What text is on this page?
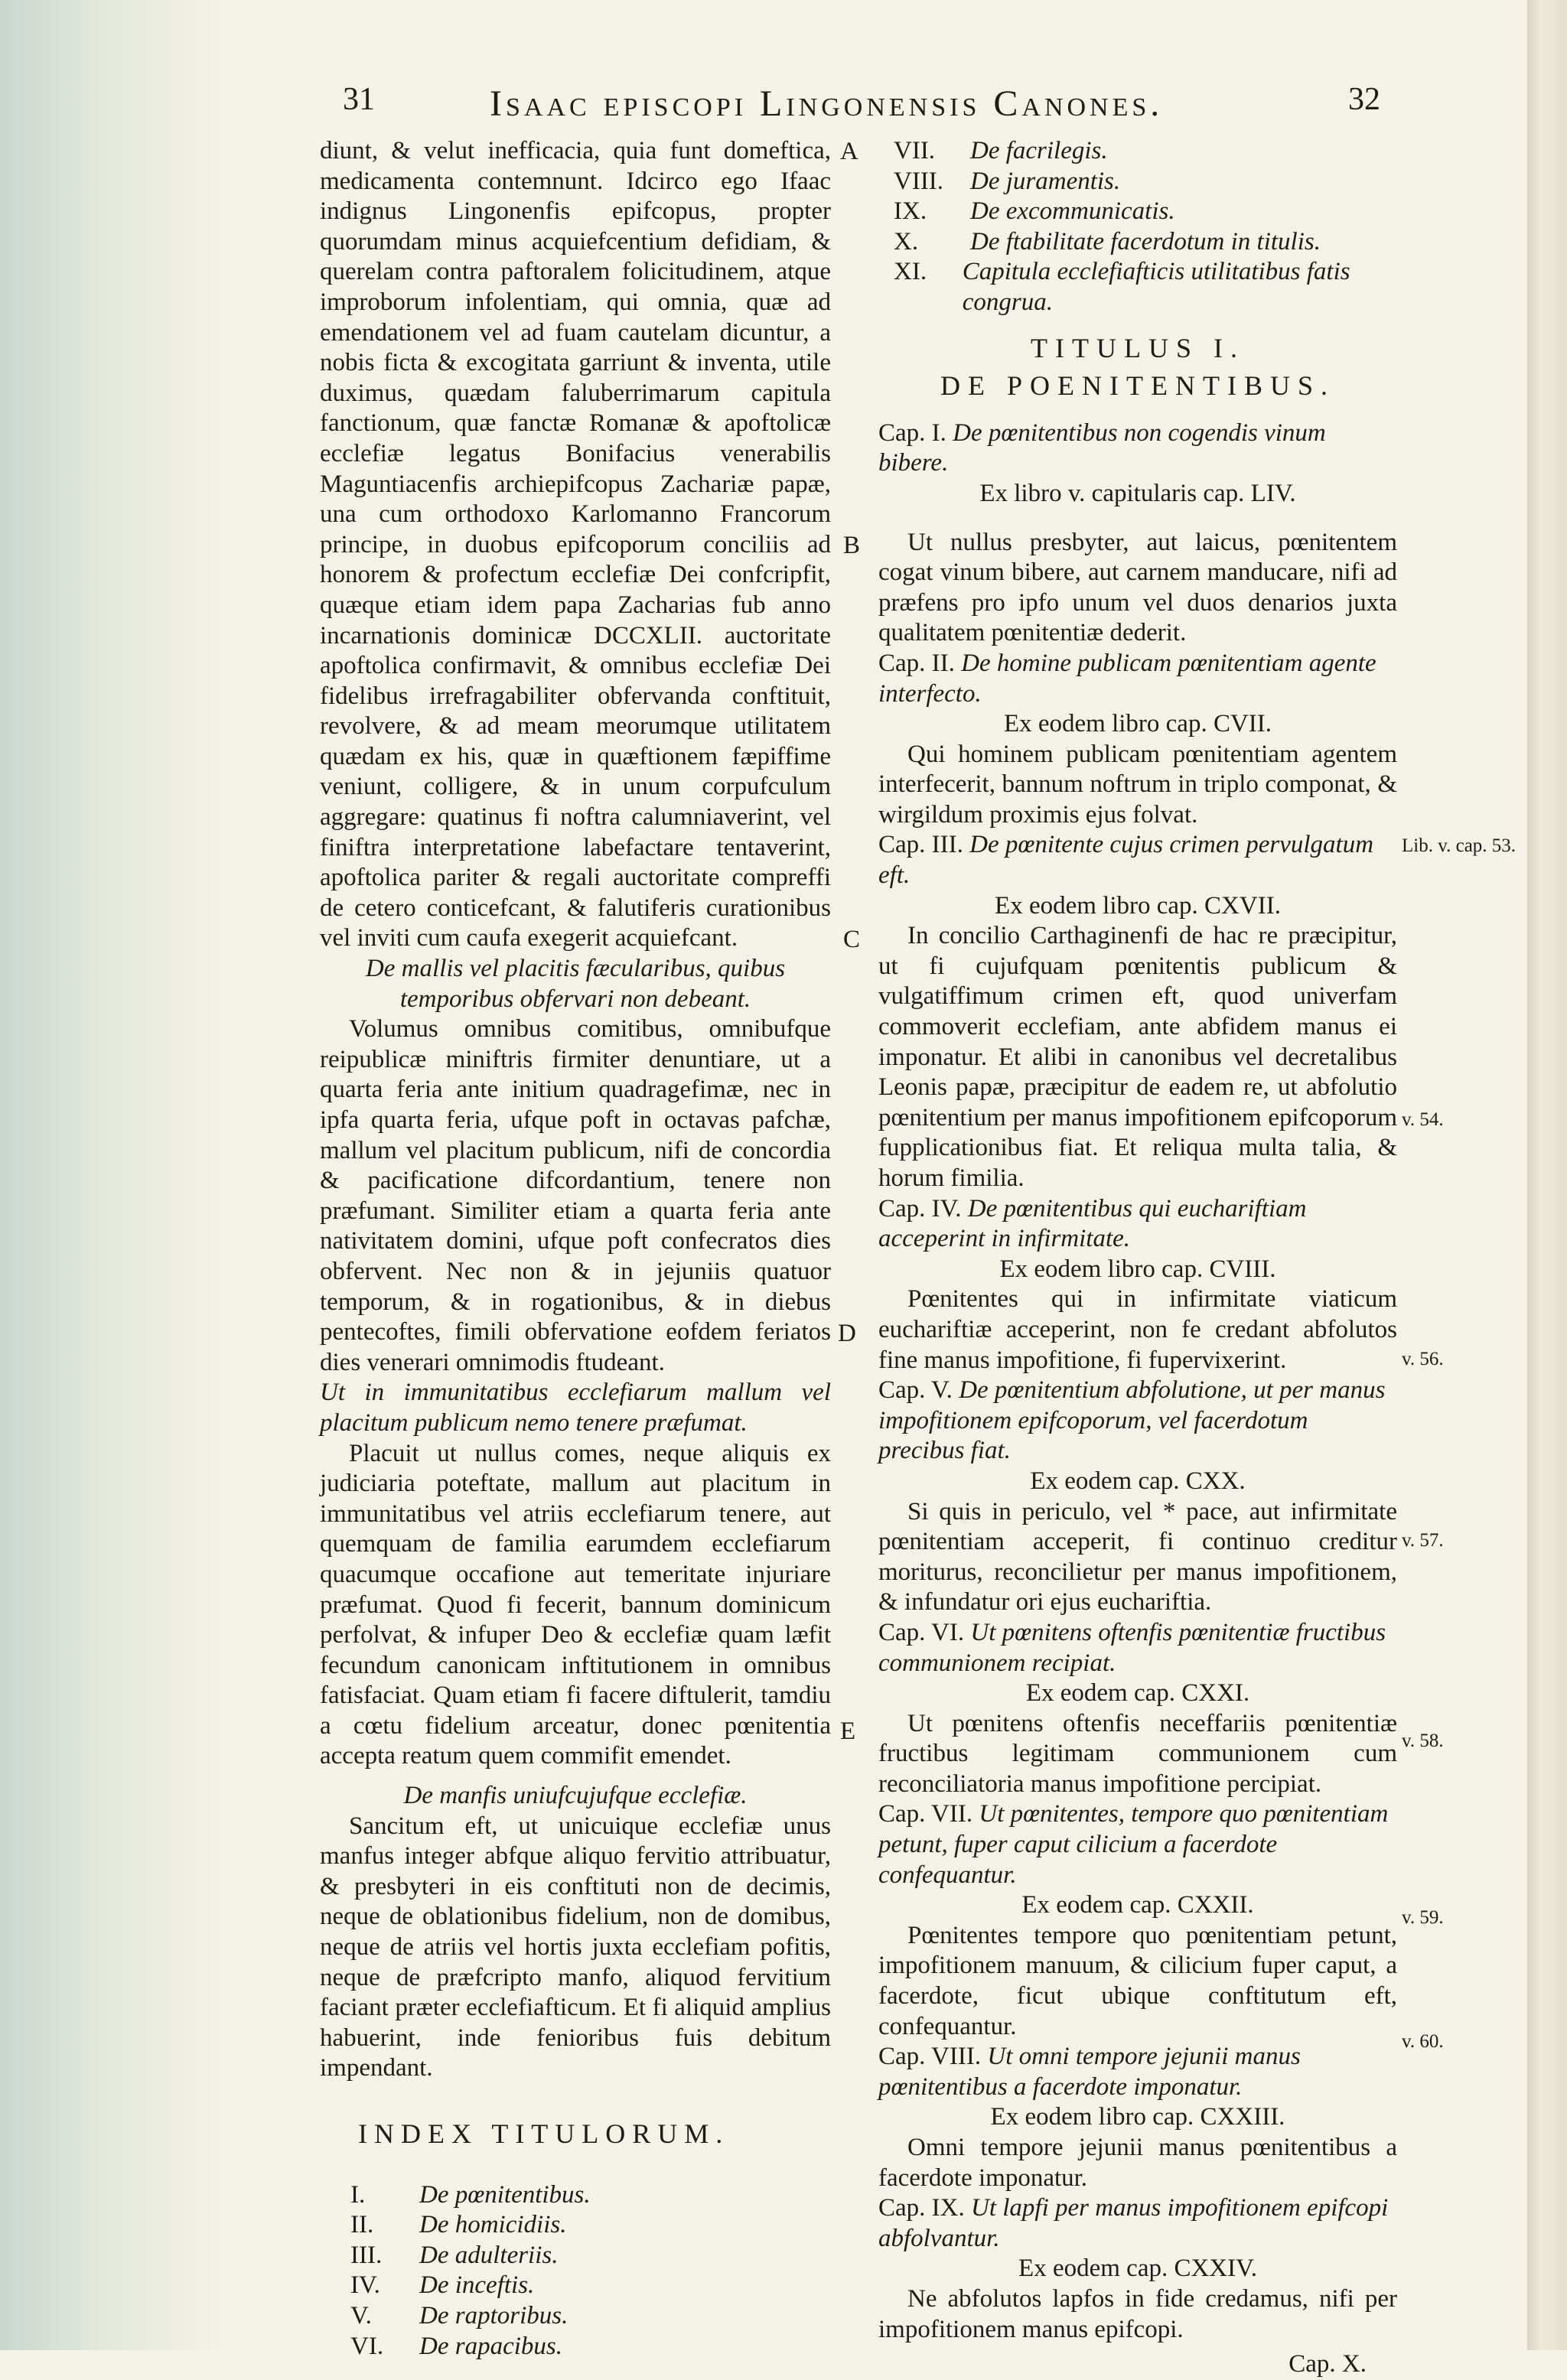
31	Isaac episcopi Lingonensis Canones.	32
A
B
C
D
E

diunt, & velut inefficacia, quia funt domeftica, medicamenta contemnunt. Idcirco ego Ifaac indignus Lingonenfis epifcopus, propter quorumdam minus acquiefcentium defidiam, & querelam contra paftoralem folicitudinem, atque improborum infolentiam, qui omnia, quæ ad emendationem vel ad fuam cautelam dicuntur, a nobis ficta & excogitata garriunt & inventa, utile duximus, quædam faluberrimarum capitula fanctionum, quæ fanctæ Romanæ & apoftolicæ ecclefiæ legatus Bonifacius venerabilis Maguntiacenfis archiepifcopus Zachariæ papæ, una cum orthodoxo Karlomanno Francorum principe, in duobus epifcoporum conciliis ad honorem & profectum ecclefiæ Dei confcripfit, quæque etiam idem papa Zacharias fub anno incarnationis dominicæ DCCXLII. auctoritate apoftolica confirmavit, & omnibus ecclefiæ Dei fidelibus irrefragabiliter obfervanda conftituit, revolvere, & ad meam meorumque utilitatem quædam ex his, quæ in quæftionem fæpiffime veniunt, colligere, & in unum corpufculum aggregare: quatinus fi noftra calumniaverint, vel finiftra interpretatione labefactare tentaverint, apoftolica pariter & regali auctoritate compreffi de cetero conticefcant, & falutiferis curationibus vel inviti cum caufa exegerit acquiefcant.

De mallis vel placitis fæcularibus, quibus temporibus obfervari non debeant.

Volumus omnibus comitibus, omnibufque reipublicæ miniftris firmiter denuntiare, ut a quarta feria ante initium quadragefimæ, nec in ipfa quarta feria, ufque poft in octavas pafchæ, mallum vel placitum publicum, nifi de concordia & pacificatione difcordantium, tenere non præfumant. Similiter etiam a quarta feria ante nativitatem domini, ufque poft confecratos dies obfervent. Nec non & in jejuniis quatuor temporum, & in rogationibus, & in diebus pentecoftes, fimili obfervatione eofdem feriatos dies venerari omnimodis ftudeant.

Ut in immunitatibus ecclefiarum mallum vel placitum publicum nemo tenere præfumat.

Placuit ut nullus comes, neque aliquis ex judiciaria poteftate, mallum aut placitum in immunitatibus vel atriis ecclefiarum tenere, aut quemquam de familia earumdem ecclefiarum quacumque occafione aut temeritate injuriare præfumat. Quod fi fecerit, bannum dominicum perfolvat, & infuper Deo & ecclefiæ quam læfit fecundum canonicam inftitutionem in omnibus fatisfaciat. Quam etiam fi facere diftulerit, tamdiu a cœtu fidelium arceatur, donec pœnitentia accepta reatum quem commifit emendet.

De manfis uniufcujufque ecclefiæ.

Sancitum eft, ut unicuique ecclefiæ unus manfus integer abfque aliquo fervitio attribuatur, & presbyteri in eis conftituti non de decimis, neque de oblationibus fidelium, non de domibus, neque de atriis vel hortis juxta ecclefiam pofitis, neque de præfcripto manfo, aliquod fervitium faciant præter ecclefiafticum. Et fi aliquid amplius habuerint, inde fenioribus fuis debitum impendant.

INDEX TITULORUM.

I.	De pœnitentibus.
II.	De homicidiis.
III.	De adulteriis.
IV.	De inceftis.
V.	De raptoribus.
VI.	De rapacibus.
VII.	De facrilegis.
VIII.	De juramentis.
IX.	De excommunicatis.
X.	De ftabilitate facerdotum in titulis.
XI.	Capitula ecclefiafticis utilitatibus fatis congrua.

TITULUS I.

DE POENITENTIBUS.

Cap. I. De pœnitentibus non cogendis vinum bibere.

Ex libro v. capitularis cap. LIV.

Ut nullus presbyter, aut laicus, pœnitentem cogat vinum bibere, aut carnem manducare, nifi ad præfens pro ipfo unum vel duos denarios juxta qualitatem pœnitentiæ dederit.

Cap. II. De homine publicam pœnitentiam agente interfecto.

Ex eodem libro cap. CVII.

Qui hominem publicam pœnitentiam agentem interfecerit, bannum noftrum in triplo componat, & wirgildum proximis ejus folvat.

Cap. III. De pœnitente cujus crimen pervulgatum eft.

Ex eodem libro cap. CXVII.

In concilio Carthaginenfi de hac re præcipitur, ut fi cujufquam pœnitentis publicum & vulgatiffimum crimen eft, quod univerfam commoverit ecclefiam, ante abfidem manus ei imponatur. Et alibi in canonibus vel decretalibus Leonis papæ, præcipitur de eadem re, ut abfolutio pœnitentium per manus impofitionem epifcoporum fupplicationibus fiat. Et reliqua multa talia, & horum fimilia.

Cap. IV. De pœnitentibus qui euchariftiam acceperint in infirmitate.

Ex eodem libro cap. CVIII.

Pœnitentes qui in infirmitate viaticum euchariftiæ acceperint, non fe credant abfolutos fine manus impofitione, fi fupervixerint.

Cap. V. De pœnitentium abfolutione, ut per manus impofitionem epifcoporum, vel facerdotum precibus fiat.

Ex eodem cap. CXX.

Si quis in periculo, vel * pace, aut infirmitate pœnitentiam acceperit, fi continuo creditur moriturus, reconcilietur per manus impofitionem, & infundatur ori ejus euchariftia.

Cap. VI. Ut pœnitens oftenfis pœnitentiæ fructibus communionem recipiat.

Ex eodem cap. CXXI.

Ut pœnitens oftenfis neceffariis pœnitentiæ fructibus legitimam communionem cum reconciliatoria manus impofitione percipiat.

Cap. VII. Ut pœnitentes, tempore quo pœnitentiam petunt, fuper caput cilicium a facerdote confequantur.

Ex eodem cap. CXXII.

Pœnitentes tempore quo pœnitentiam petunt, impofitionem manuum, & cilicium fuper caput, a facerdote, ficut ubique conftitutum eft, confequantur.

Cap. VIII. Ut omni tempore jejunii manus pœnitentibus a facerdote imponatur.

Ex eodem libro cap. CXXIII.

Omni tempore jejunii manus pœnitentibus a facerdote imponatur.

Cap. IX. Ut lapfi per manus impofitionem epifcopi abfolvantur.

Ex eodem cap. CXXIV.

Ne abfolutos lapfos in fide credamus, nifi per impofitionem manus epifcopi.

Cap. X.

Lib. v. cap. 53.
v. 54.
v. 56.
v. 57.
v. 58.
v. 59.
v. 60.
